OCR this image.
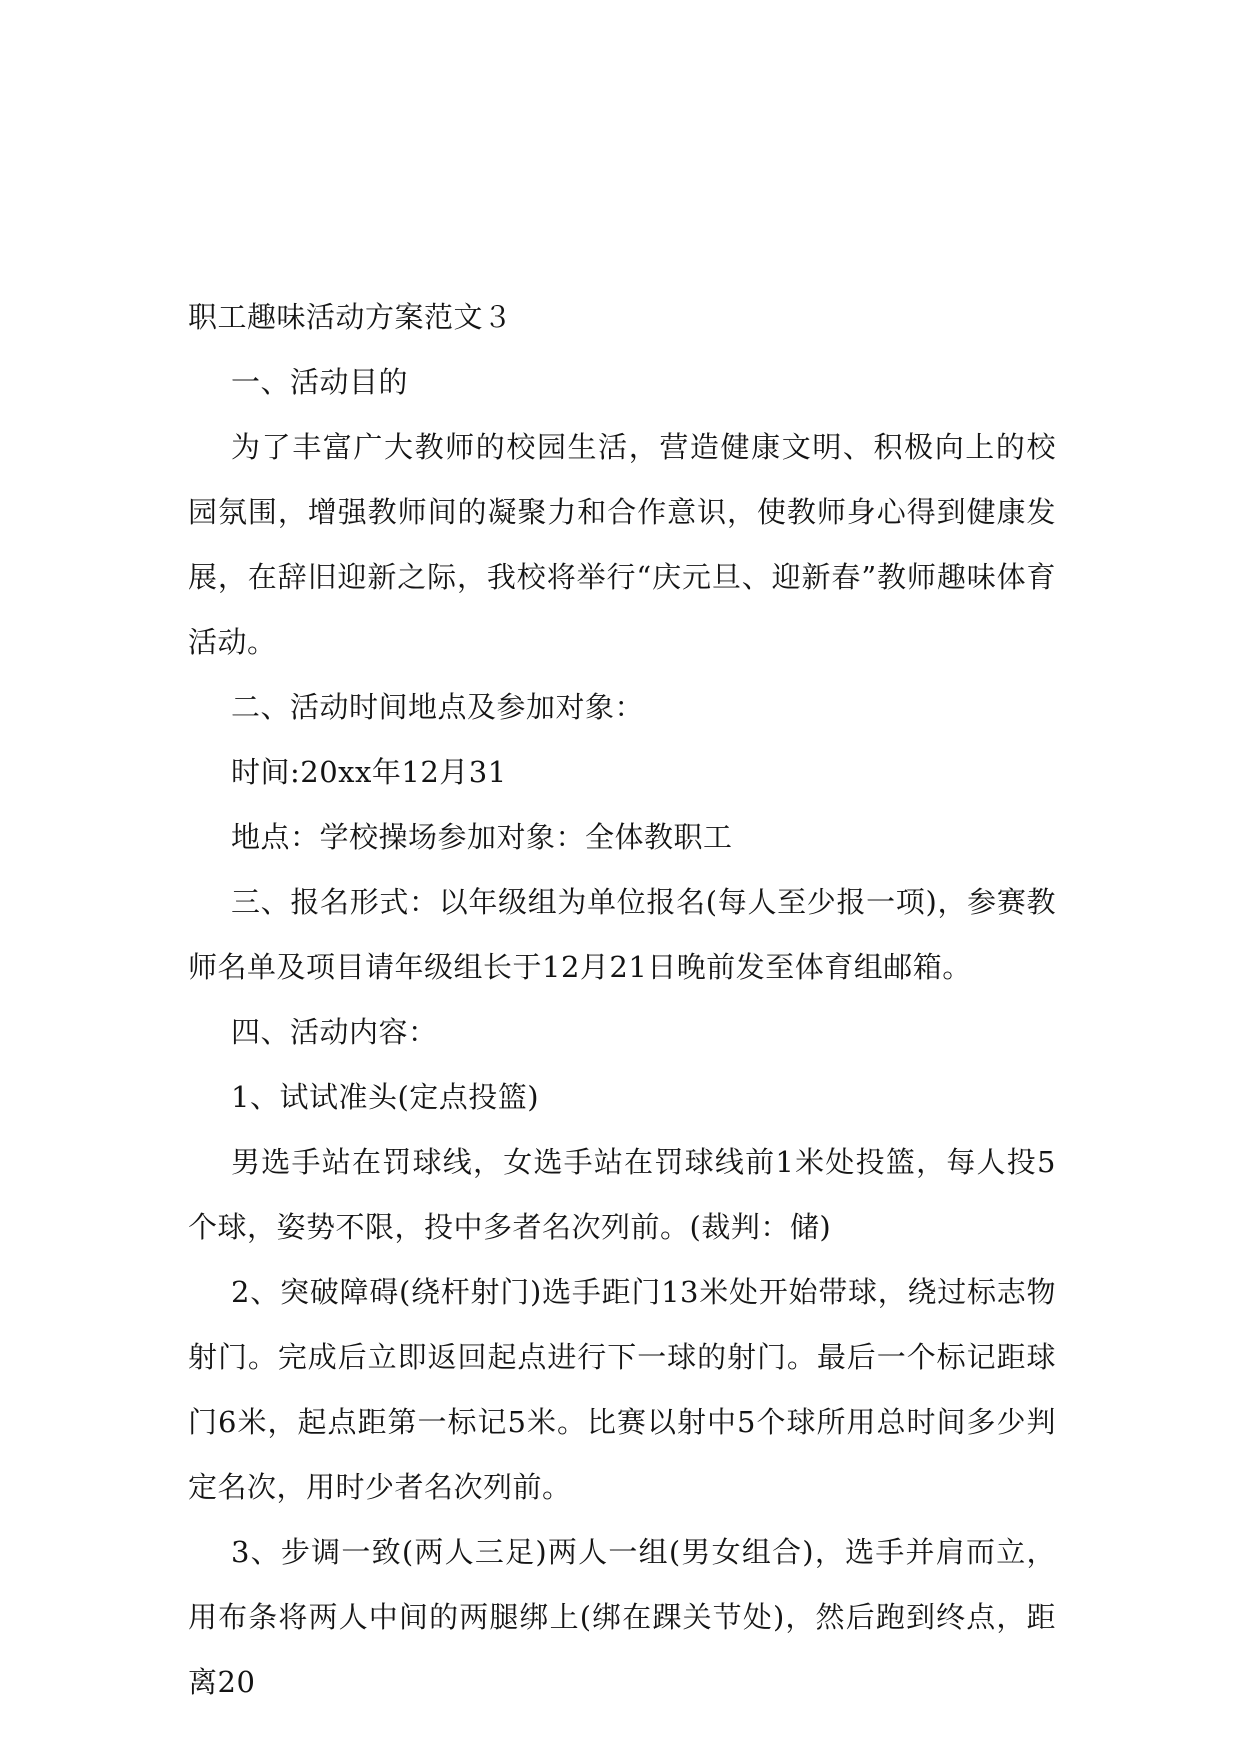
职工趣味活动方案范文３

一、活动目的

为了丰富广大教师的校园生活，营造健康文明、积极向上的校园氛围，增强教师间的凝聚力和合作意识，使教师身心得到健康发展，在辞旧迎新之际，我校将举行“庆元旦、迎新春”教师趣味体育活动。

二、活动时间地点及参加对象：

时间:20xx年12月31

地点：学校操场参加对象：全体教职工

三、报名形式：以年级组为单位报名(每人至少报一项)，参赛教师名单及项目请年级组长于12月21日晚前发至体育组邮箱。

四、活动内容：

1、试试准头(定点投篮)

男选手站在罚球线，女选手站在罚球线前1米处投篮，每人投5个球，姿势不限，投中多者名次列前。(裁判：储)

2、突破障碍(绕杆射门)选手距门13米处开始带球，绕过标志物射门。完成后立即返回起点进行下一球的射门。最后一个标记距球门6米，起点距第一标记5米。比赛以射中5个球所用总时间多少判定名次，用时少者名次列前。

3、步调一致(两人三足)两人一组(男女组合)，选手并肩而立，用布条将两人中间的两腿绑上(绑在踝关节处)，然后跑到终点，距离20
